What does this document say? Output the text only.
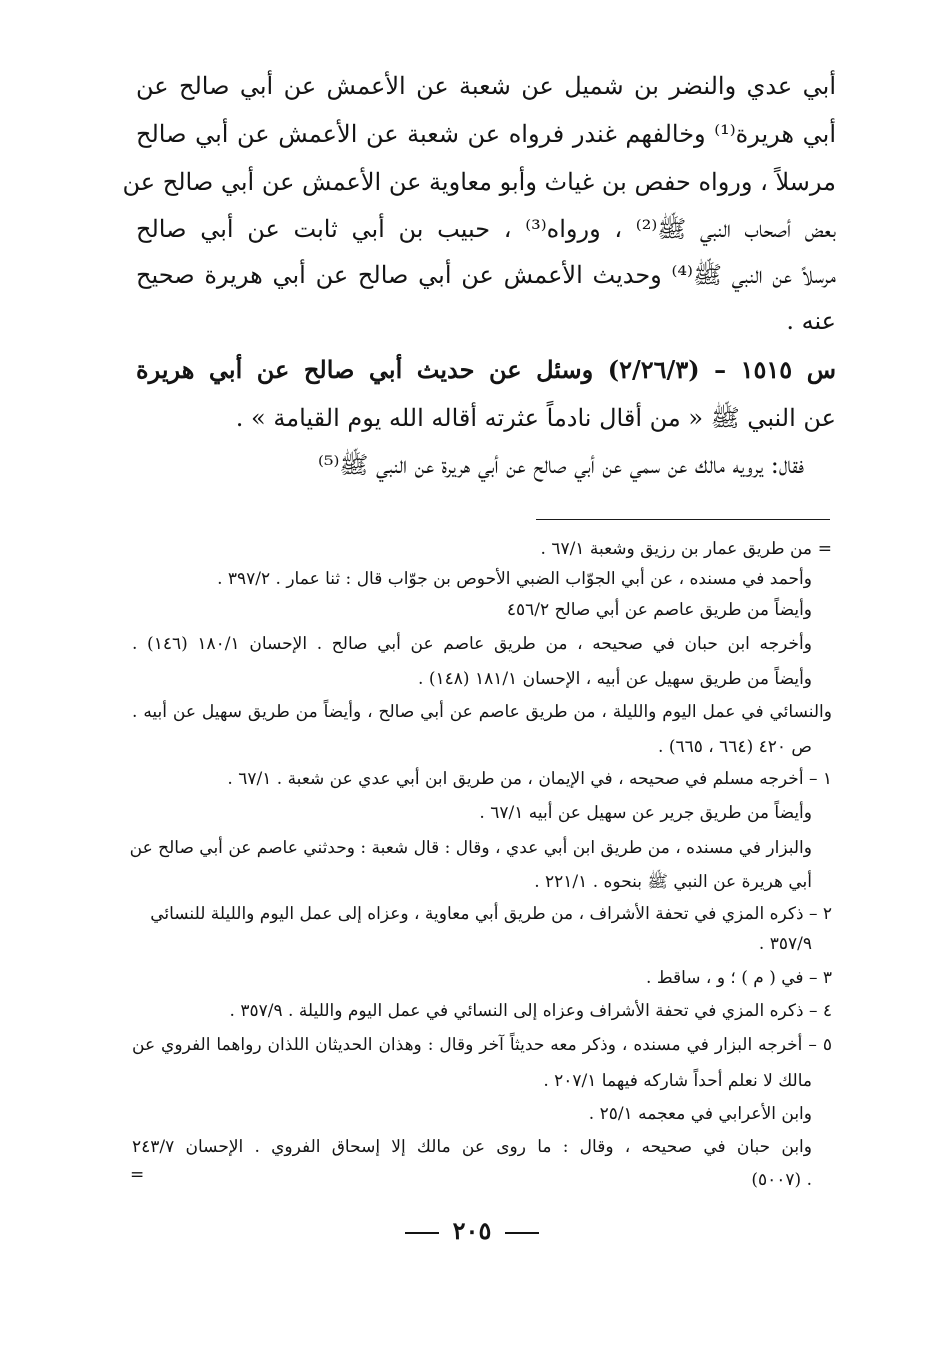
أبي عدي والنضر بن شميل عن شعبة عن الأعمش عن أبي صالح عن
أبي هريرة⁽¹⁾ وخالفهم غندر فرواه عن شعبة عن الأعمش عن أبي صالح
مرسلاً ، ورواه حفص بن غياث وأبو معاوية عن الأعمش عن أبي صالح عن
بعض أصحاب النبي ﷺ⁽²⁾ ، ورواه⁽³⁾ ، حبيب بن أبي ثابت عن أبي صالح
مرسلاً عن النبي ﷺ⁽⁴⁾ وحديث الأعمش عن أبي صالح عن أبي هريرة صحيح
عنه .
س ١٥١٥ – (٢/٢٦/٣) وسئل عن حديث أبي صالح عن أبي هريرة
عن النبي ﷺ « من أقال نادماً عثرته أقاله الله يوم القيامة » .
فقال: يرويه مالك عن سمي عن أبي صالح عن أبي هريرة عن النبي ﷺ⁽⁵⁾
=
من طريق عمار بن رزيق وشعبة ٦٧/١ .
وأحمد في مسنده ، عن أبي الجوّاب الضبي الأحوص بن جوّاب قال : ثنا عمار . ٣٩٧/٢ .
وأيضاً من طريق عاصم عن أبي صالح ٤٥٦/٢
وأخرجه ابن حبان في صحيحه ، من طريق عاصم عن أبي صالح . الإحسان ١٨٠/١ (١٤٦) .
وأيضاً من طريق سهيل عن أبيه ، الإحسان ١٨١/١ (١٤٨) .
والنسائي في عمل اليوم والليلة ، من طريق عاصم عن أبي صالح ، وأيضاً من طريق سهيل عن أبيه .
ص ٤٢٠ (٦٦٤ ، ٦٦٥) .
١ – أخرجه مسلم في صحيحه ، في الإيمان ، من طريق ابن أبي عدي عن شعبة . ٦٧/١ .
وأيضاً من طريق جرير عن سهيل عن أبيه ٦٧/١ .
والبزار في مسنده ، من طريق ابن أبي عدي ، وقال : قال شعبة : وحدثني عاصم عن أبي صالح عن
أبي هريرة عن النبي ﷺ بنحوه . ٢٢١/١ .
٢ – ذكره المزي في تحفة الأشراف ، من طريق أبي معاوية ، وعزاه إلى عمل اليوم والليلة للنسائي
. ٣٥٧/٩
٣ – في ( م ) ؛ و ، ساقط .
٤ – ذكره المزي في تحفة الأشراف وعزاه إلى النسائي في عمل اليوم والليلة . ٣٥٧/٩ .
٥ – أخرجه البزار في مسنده ، وذكر معه حديثاً آخر وقال : وهذان الحديثان اللذان رواهما الفروي عن
مالك لا نعلم أحداً شاركه فيهما ٢٠٧/١ .
وابن الأعرابي في معجمه ٢٥/١ .
وابن حبان في صحيحه ، وقال : ما روى عن مالك إلا إسحاق الفروي . الإحسان ٢٤٣/٧
(٥٠٠٧) .
=
٢٠٥
